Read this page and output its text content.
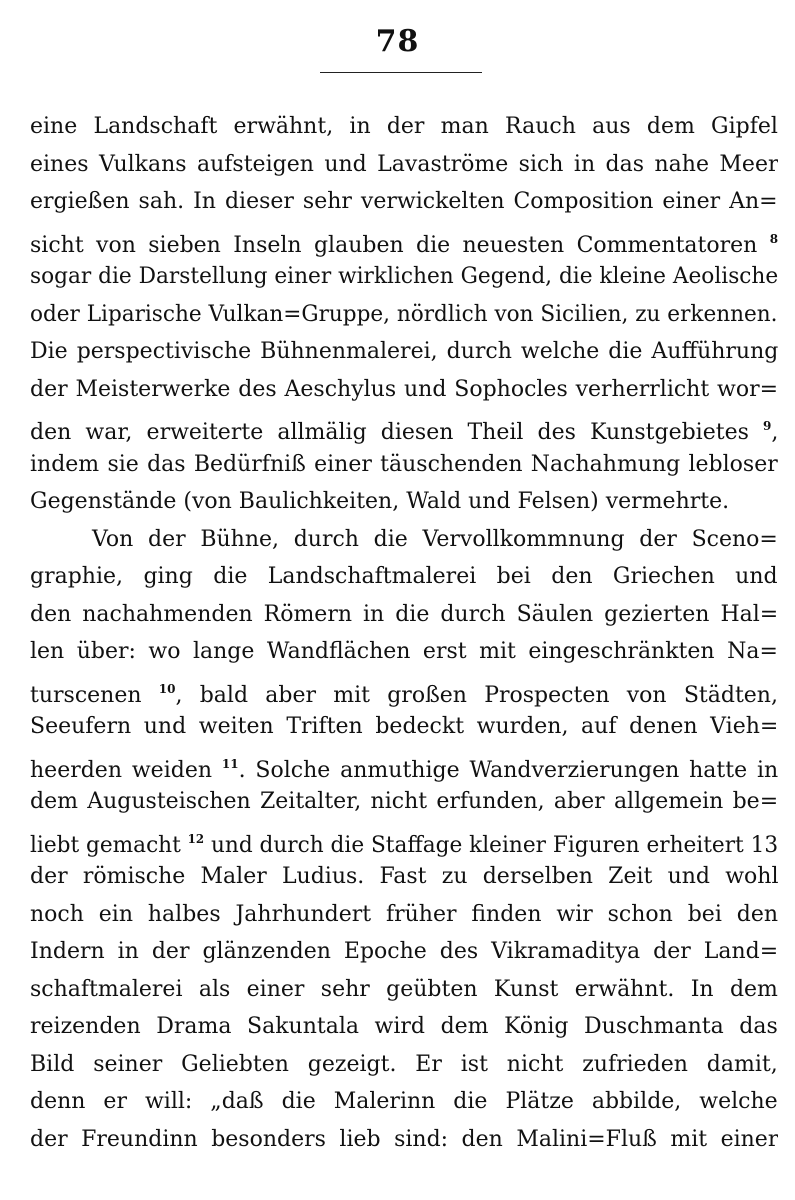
78
eine Landschaft erwähnt, in der man Rauch aus dem Gipfel
eines Vulkans aufsteigen und Lavaströme sich in das nahe Meer
ergießen sah. In dieser sehr verwickelten Composition einer An=
sicht von sieben Inseln glauben die neuesten Commentatoren $^8$
sogar die Darstellung einer wirklichen Gegend, die kleine Aeolische
oder Liparische Vulkan=Gruppe, nördlich von Sicilien, zu erkennen.
Die perspectivische Bühnenmalerei, durch welche die Aufführung
der Meisterwerke des Aeschylus und Sophocles verherrlicht wor=
den war, erweiterte allmälig diesen Theil des Kunstgebietes $^9$,
indem sie das Bedürfniß einer täuschenden Nachahmung lebloser
Gegenstände (von Baulichkeiten, Wald und Felsen) vermehrte.
Von der Bühne, durch die Vervollkommnung der Sceno=
graphie, ging die Landschaftmalerei bei den Griechen und
den nachahmenden Römern in die durch Säulen gezierten Hal=
len über: wo lange Wandflächen erst mit eingeschränkten Na=
turscenen $^{10}$, bald aber mit großen Prospecten von Städten,
Seeufern und weiten Triften bedeckt wurden, auf denen Vieh=
heerden weiden $^{11}$. Solche anmuthige Wandverzierungen hatte in
dem Augusteischen Zeitalter, nicht erfunden, aber allgemein be=
liebt gemacht $^{12}$ und durch die Staffage kleiner Figuren erheitert 13
der römische Maler Ludius. Fast zu derselben Zeit und wohl
noch ein halbes Jahrhundert früher finden wir schon bei den
Indern in der glänzenden Epoche des Vikramaditya der Land=
schaftmalerei als einer sehr geübten Kunst erwähnt. In dem
reizenden Drama Sakuntala wird dem König Duschmanta das
Bild seiner Geliebten gezeigt. Er ist nicht zufrieden damit,
denn er will: „daß die Malerinn die Plätze abbilde, welche
der Freundinn besonders lieb sind: den Malini=Fluß mit einer
